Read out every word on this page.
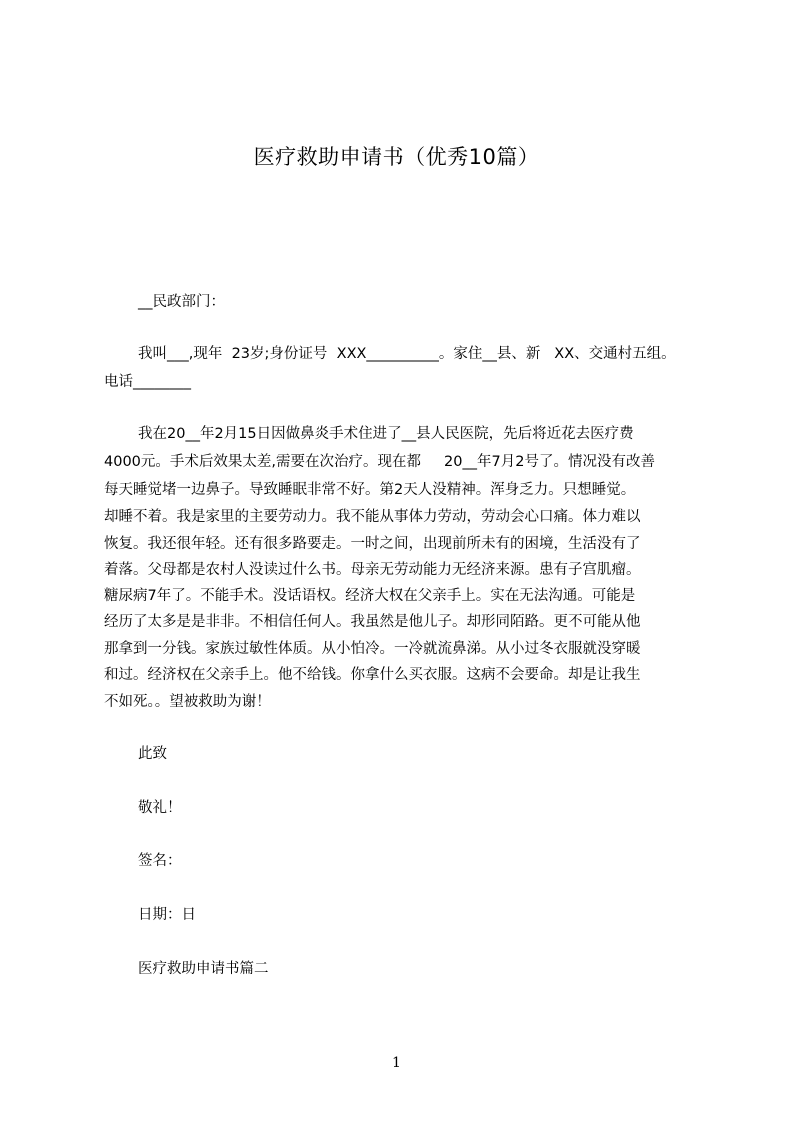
医疗救助申请书（优秀10篇）
__民政部门：
我叫___,现年  23岁;身份证号  XXX__________。家住__县、新   XX、交通村五组。
电话________
我在20__年2月15日因做鼻炎手术住进了__县人民医院，先后将近花去医疗费
4000元。手术后效果太差,需要在次治疗。现在都     20__年7月2号了。情况没有改善
每天睡觉堵一边鼻子。导致睡眠非常不好。第2天人没精神。浑身乏力。只想睡觉。
却睡不着。我是家里的主要劳动力。我不能从事体力劳动，劳动会心口痛。体力难以
恢复。我还很年轻。还有很多路要走。一时之间，出现前所未有的困境，生活没有了
着落。父母都是农村人没读过什么书。母亲无劳动能力无经济来源。患有子宫肌瘤。
糖尿病7年了。不能手术。没话语权。经济大权在父亲手上。实在无法沟通。可能是
经历了太多是是非非。不相信任何人。我虽然是他儿子。却形同陌路。更不可能从他
那拿到一分钱。家族过敏性体质。从小怕冷。一冷就流鼻涕。从小过冬衣服就没穿暖
和过。经济权在父亲手上。他不给钱。你拿什么买衣服。这病不会要命。却是让我生
不如死。。望被救助为谢！
此致
敬礼！
签名：
日期：日
医疗救助申请书篇二
1
